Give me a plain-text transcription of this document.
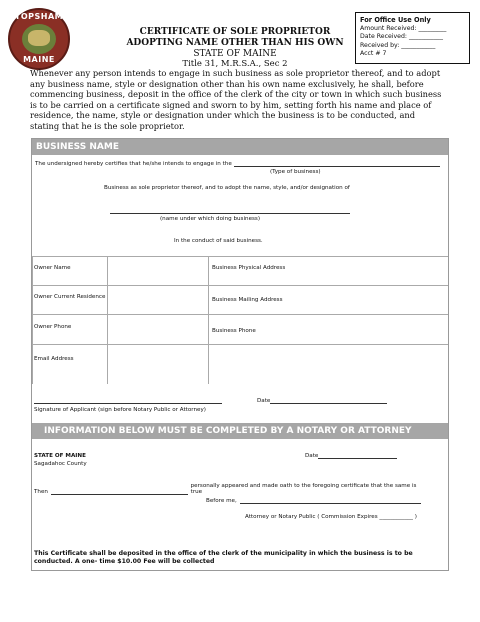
TOPSHAM
MAINE
CERTIFICATE OF SOLE PROPRIETOR
ADOPTING NAME OTHER THAN HIS OWN
STATE OF MAINE
Title 31, M.R.S.A., Sec 2
For Office Use Only
Amount Received: _________
Date Received: ___________
Received by: ___________
Acct # 7
Whenever any person intends to engage in such business as sole proprietor thereof, and to adopt any business name, style or designation other than his own name exclusively, he shall, before commencing business, deposit in the office of the clerk of the city or town in which such business is to be carried on a certificate signed and sworn to by him, setting forth his name and place of residence, the name, style or designation under which the business is to be conducted, and stating that he is the sole proprietor.
BUSINESS NAME
The undersigned hereby certifies that he/she intends to engage in the
(Type of business)
Business as sole proprietor thereof, and to adopt the name, style, and/or designation of
(name under which doing business)
In the conduct of said business.
Owner Name
Owner Current Residence
Owner Phone
Email Address
Business Physical Address
Business Mailing Address
Business Phone
Signature of Applicant (sign before Notary Public or Attorney)
Date
INFORMATION BELOW MUST BE COMPLETED BY A NOTARY OR ATTORNEY
STATE OF MAINE
Sagadahoc County
Date
Then
personally appeared and made oath to the foregoing certificate that the same is true
Before me,
Attorney or Notary Public ( Commission Expires ____________ )
This Certificate shall be deposited in the office of the clerk of the municipality in which the business is to be conducted. A one- time $10.00 Fee will be collected
